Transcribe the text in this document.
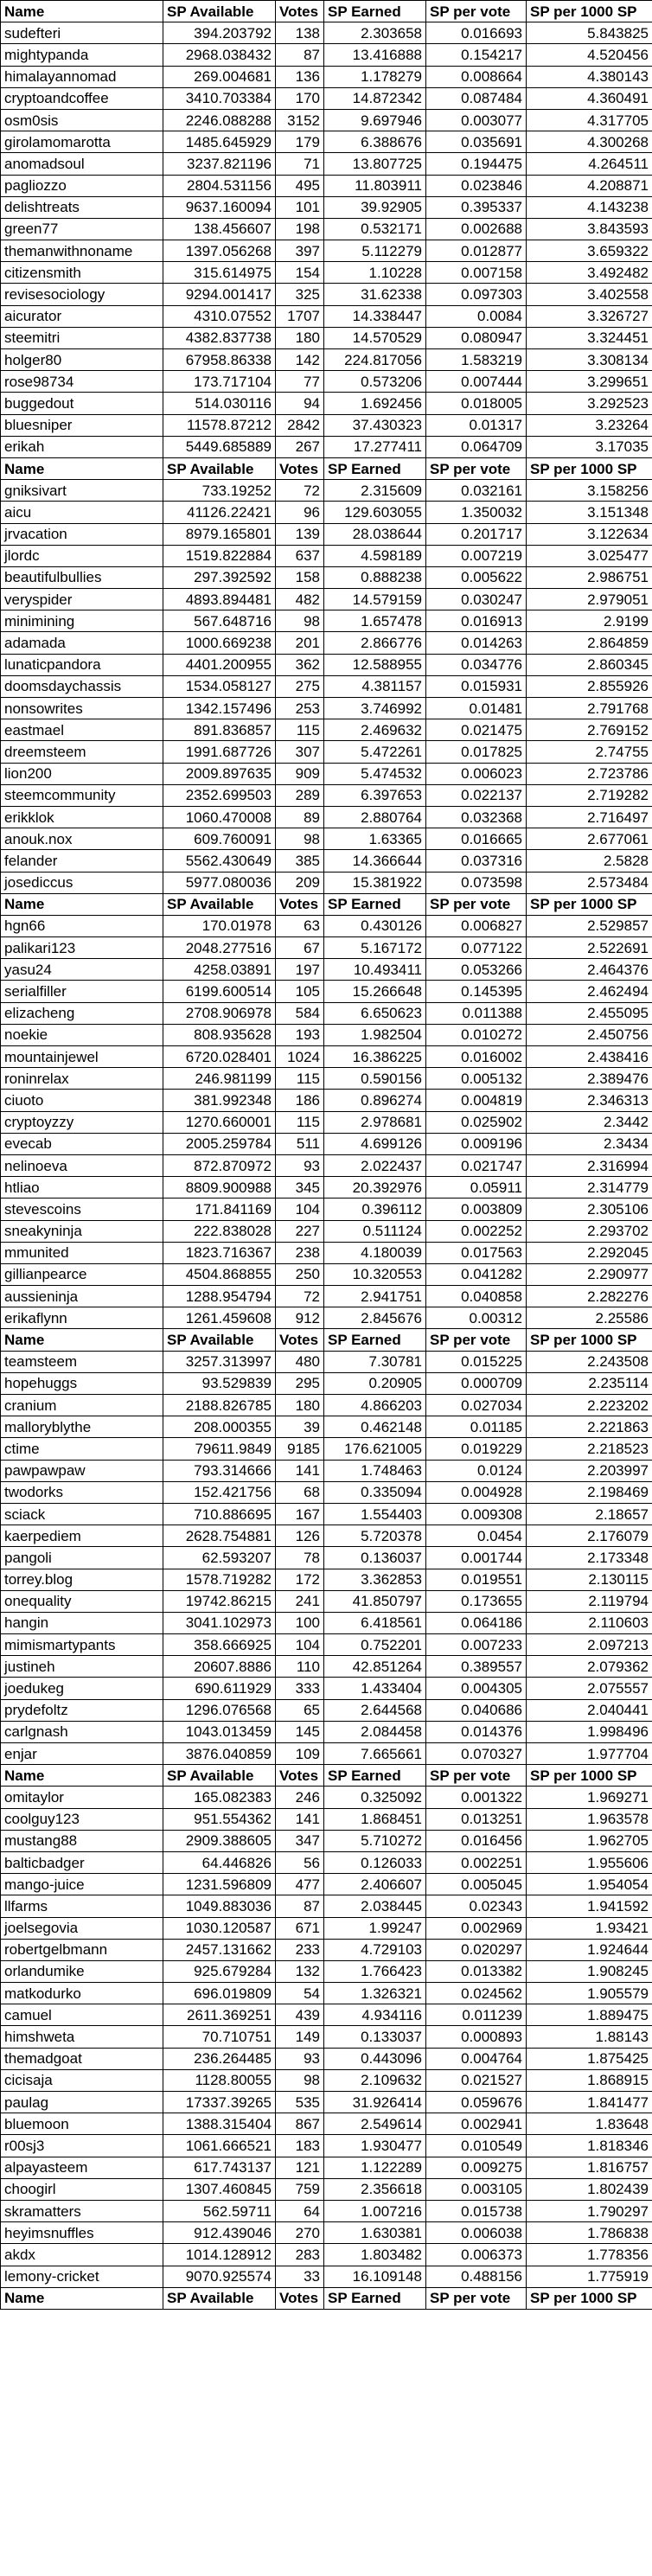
Name	SP Available	Votes	SP Earned	SP per vote	SP per 1000 SP
sudefteri	394.203792	138	2.303658	0.016693	5.843825
mightypanda	2968.038432	87	13.416888	0.154217	4.520456
himalayannomad	269.004681	136	1.178279	0.008664	4.380143
cryptoandcoffee	3410.703384	170	14.872342	0.087484	4.360491
osm0sis	2246.088288	3152	9.697946	0.003077	4.317705
girolamomarotta	1485.645929	179	6.388676	0.035691	4.300268
anomadsoul	3237.821196	71	13.807725	0.194475	4.264511
pagliozzo	2804.531156	495	11.803911	0.023846	4.208871
delishtreats	9637.160094	101	39.92905	0.395337	4.143238
green77	138.456607	198	0.532171	0.002688	3.843593
themanwithnoname	1397.056268	397	5.112279	0.012877	3.659322
citizensmith	315.614975	154	1.10228	0.007158	3.492482
revisesociology	9294.001417	325	31.62338	0.097303	3.402558
aicurator	4310.07552	1707	14.338447	0.0084	3.326727
steemitri	4382.837738	180	14.570529	0.080947	3.324451
holger80	67958.86338	142	224.817056	1.583219	3.308134
rose98734	173.717104	77	0.573206	0.007444	3.299651
buggedout	514.030116	94	1.692456	0.018005	3.292523
bluesniper	11578.87212	2842	37.430323	0.01317	3.23264
erikah	5449.685889	267	17.277411	0.064709	3.17035
Name	SP Available	Votes	SP Earned	SP per vote	SP per 1000 SP
gniksivart	733.19252	72	2.315609	0.032161	3.158256
aicu	41126.22421	96	129.603055	1.350032	3.151348
jrvacation	8979.165801	139	28.038644	0.201717	3.122634
jlordc	1519.822884	637	4.598189	0.007219	3.025477
beautifulbullies	297.392592	158	0.888238	0.005622	2.986751
veryspider	4893.894481	482	14.579159	0.030247	2.979051
minimining	567.648716	98	1.657478	0.016913	2.9199
adamada	1000.669238	201	2.866776	0.014263	2.864859
lunaticpandora	4401.200955	362	12.588955	0.034776	2.860345
doomsdaychassis	1534.058127	275	4.381157	0.015931	2.855926
nonsowrites	1342.157496	253	3.746992	0.01481	2.791768
eastmael	891.836857	115	2.469632	0.021475	2.769152
dreemsteem	1991.687726	307	5.472261	0.017825	2.74755
lion200	2009.897635	909	5.474532	0.006023	2.723786
steemcommunity	2352.699503	289	6.397653	0.022137	2.719282
erikklok	1060.470008	89	2.880764	0.032368	2.716497
anouk.nox	609.760091	98	1.63365	0.016665	2.677061
felander	5562.430649	385	14.366644	0.037316	2.5828
josediccus	5977.080036	209	15.381922	0.073598	2.573484
Name	SP Available	Votes	SP Earned	SP per vote	SP per 1000 SP
hgn66	170.01978	63	0.430126	0.006827	2.529857
palikari123	2048.277516	67	5.167172	0.077122	2.522691
yasu24	4258.03891	197	10.493411	0.053266	2.464376
serialfiller	6199.600514	105	15.266648	0.145395	2.462494
elizacheng	2708.906978	584	6.650623	0.011388	2.455095
noekie	808.935628	193	1.982504	0.010272	2.450756
mountainjewel	6720.028401	1024	16.386225	0.016002	2.438416
roninrelax	246.981199	115	0.590156	0.005132	2.389476
ciuoto	381.992348	186	0.896274	0.004819	2.346313
cryptoyzzy	1270.660001	115	2.978681	0.025902	2.3442
evecab	2005.259784	511	4.699126	0.009196	2.3434
nelinoeva	872.870972	93	2.022437	0.021747	2.316994
htliao	8809.900988	345	20.392976	0.05911	2.314779
stevescoins	171.841169	104	0.396112	0.003809	2.305106
sneakyninja	222.838028	227	0.511124	0.002252	2.293702
mmunited	1823.716367	238	4.180039	0.017563	2.292045
gillianpearce	4504.868855	250	10.320553	0.041282	2.290977
aussieninja	1288.954794	72	2.941751	0.040858	2.282276
erikaflynn	1261.459608	912	2.845676	0.00312	2.25586
Name	SP Available	Votes	SP Earned	SP per vote	SP per 1000 SP
teamsteem	3257.313997	480	7.30781	0.015225	2.243508
hopehuggs	93.529839	295	0.20905	0.000709	2.235114
cranium	2188.826785	180	4.866203	0.027034	2.223202
malloryblythe	208.000355	39	0.462148	0.01185	2.221863
ctime	79611.9849	9185	176.621005	0.019229	2.218523
pawpawpaw	793.314666	141	1.748463	0.0124	2.203997
twodorks	152.421756	68	0.335094	0.004928	2.198469
sciack	710.886695	167	1.554403	0.009308	2.18657
kaerpediem	2628.754881	126	5.720378	0.0454	2.176079
pangoli	62.593207	78	0.136037	0.001744	2.173348
torrey.blog	1578.719282	172	3.362853	0.019551	2.130115
onequality	19742.86215	241	41.850797	0.173655	2.119794
hangin	3041.102973	100	6.418561	0.064186	2.110603
mimismartypants	358.666925	104	0.752201	0.007233	2.097213
justineh	20607.8886	110	42.851264	0.389557	2.079362
joedukeg	690.611929	333	1.433404	0.004305	2.075557
prydefoltz	1296.076568	65	2.644568	0.040686	2.040441
carlgnash	1043.013459	145	2.084458	0.014376	1.998496
enjar	3876.040859	109	7.665661	0.070327	1.977704
Name	SP Available	Votes	SP Earned	SP per vote	SP per 1000 SP
omitaylor	165.082383	246	0.325092	0.001322	1.969271
coolguy123	951.554362	141	1.868451	0.013251	1.963578
mustang88	2909.388605	347	5.710272	0.016456	1.962705
balticbadger	64.446826	56	0.126033	0.002251	1.955606
mango-juice	1231.596809	477	2.406607	0.005045	1.954054
llfarms	1049.883036	87	2.038445	0.02343	1.941592
joelsegovia	1030.120587	671	1.99247	0.002969	1.93421
robertgelbmann	2457.131662	233	4.729103	0.020297	1.924644
orlandumike	925.679284	132	1.766423	0.013382	1.908245
matkodurko	696.019809	54	1.326321	0.024562	1.905579
camuel	2611.369251	439	4.934116	0.011239	1.889475
himshweta	70.710751	149	0.133037	0.000893	1.88143
themadgoat	236.264485	93	0.443096	0.004764	1.875425
cicisaja	1128.80055	98	2.109632	0.021527	1.868915
paulag	17337.39265	535	31.926414	0.059676	1.841477
bluemoon	1388.315404	867	2.549614	0.002941	1.83648
r00sj3	1061.666521	183	1.930477	0.010549	1.818346
alpayasteem	617.743137	121	1.122289	0.009275	1.816757
choogirl	1307.460845	759	2.356618	0.003105	1.802439
skramatters	562.59711	64	1.007216	0.015738	1.790297
heyimsnuffles	912.439046	270	1.630381	0.006038	1.786838
akdx	1014.128912	283	1.803482	0.006373	1.778356
lemony-cricket	9070.925574	33	16.109148	0.488156	1.775919
Name	SP Available	Votes	SP Earned	SP per vote	SP per 1000 SP
